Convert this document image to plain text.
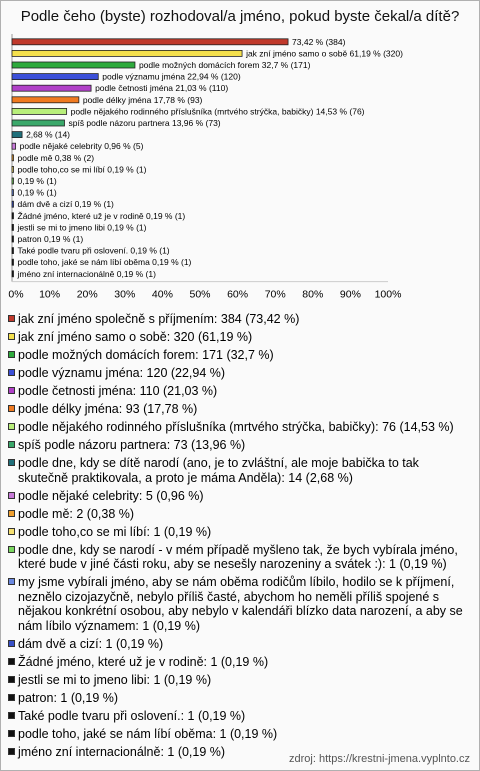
Podle čeho (byste) rozhodoval/a jméno, pokud byste čekal/a dítě?
73,42 % (384)
jak zní jméno samo o sobě 61,19 % (320)
podle možných domácích forem 32,7 % (171)
podle významu jména 22,94 % (120)
podle četnosti jména 21,03 % (110)
podle délky jména 17,78 % (93)
podle nějakého rodinného příslušníka (mrtvého strýčka, babičky) 14,53 % (76)
spíš podle názoru partnera 13,96 % (73)
2,68 % (14)
podle nějaké celebrity 0,96 % (5)
podle mě 0,38 % (2)
podle toho,co se mi líbí 0,19 % (1)
0,19 % (1)
0,19 % (1)
dám dvě a cizí 0,19 % (1)
Žádné jméno, které už je v rodině 0,19 % (1)
jestli se mi to jmeno libi 0,19 % (1)
patron 0,19 % (1)
Také podle tvaru při oslovení. 0,19 % (1)
podle toho, jaké se nám líbí oběma 0,19 % (1)
jméno zní internacionálně 0,19 % (1)
0% 10% 20% 30% 40% 50% 60% 70% 80% 90% 100%
jak zní jméno společně s příjmením: 384 (73,42 %)
jak zní jméno samo o sobě: 320 (61,19 %)
podle možných domácích forem: 171 (32,7 %)
podle významu jména: 120 (22,94 %)
podle četnosti jména: 110 (21,03 %)
podle délky jména: 93 (17,78 %)
podle nějakého rodinného příslušníka (mrtvého strýčka, babičky): 76 (14,53 %)
spíš podle názoru partnera: 73 (13,96 %)
podle dne, kdy se dítě narodí (ano, je to zvláštní, ale moje babička to tak skutečně praktikovala, a proto je máma Anděla): 14 (2,68 %)
podle nějaké celebrity: 5 (0,96 %)
podle mě: 2 (0,38 %)
podle toho,co se mi líbí: 1 (0,19 %)
podle dne, kdy se narodí - v mém případě myšleno tak, že bych vybírala jméno, které bude v jiné části roku, aby se nesešly narozeniny a svátek :): 1 (0,19 %)
my jsme vybírali jméno, aby se nám oběma rodičům líbilo, hodilo se k příjmení, neznělo cizojazyčně, nebylo příliš časté, abychom ho neměli příliš spojené s nějakou konkrétní osobou, aby nebylo v kalendáři blízko data narození, a aby se nám líbilo významem: 1 (0,19 %)
dám dvě a cizí: 1 (0,19 %)
Žádné jméno, které už je v rodině: 1 (0,19 %)
jestli se mi to jmeno libi: 1 (0,19 %)
patron: 1 (0,19 %)
Také podle tvaru při oslovení.: 1 (0,19 %)
podle toho, jaké se nám líbí oběma: 1 (0,19 %)
jméno zní internacionálně: 1 (0,19 %)
zdroj: https://krestni-jmena.vyplnto.cz
